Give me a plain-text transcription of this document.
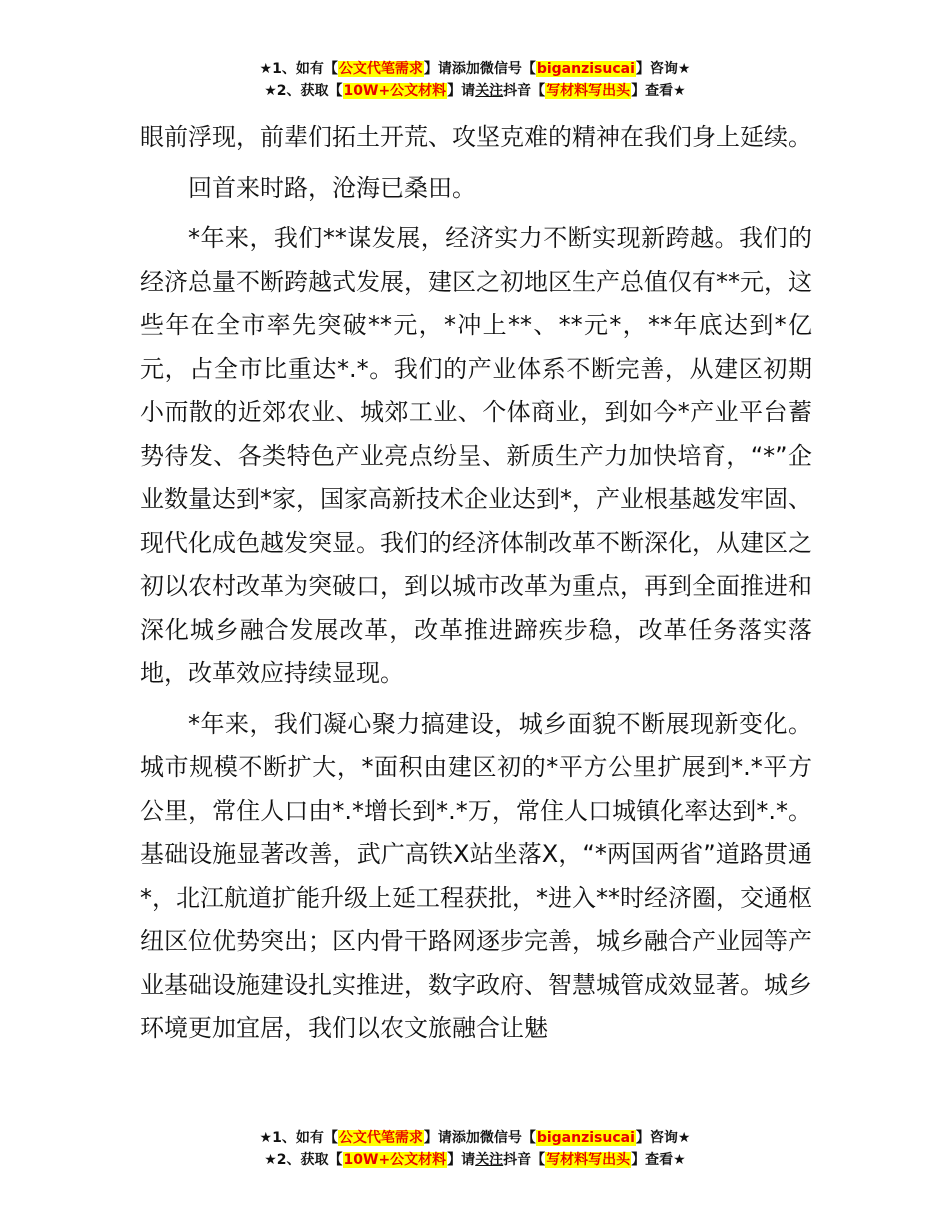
★1、如有【公文代笔需求】请添加微信号【biganzisucai】咨询★
★2、获取【10W+公文材料】请关注抖音【写材料写出头】查看★

眼前浮现，前辈们拓土开荒、攻坚克难的精神在我们身上延续。

回首来时路，沧海已桑田。

*年来，我们**谋发展，经济实力不断实现新跨越。我们的经济总量不断跨越式发展，建区之初地区生产总值仅有**元，这些年在全市率先突破**元，*冲上**、**元*，**年底达到*亿元，占全市比重达*.*。我们的产业体系不断完善，从建区初期小而散的近郊农业、城郊工业、个体商业，到如今*产业平台蓄势待发、各类特色产业亮点纷呈、新质生产力加快培育，“*”企业数量达到*家，国家高新技术企业达到*，产业根基越发牢固、现代化成色越发突显。我们的经济体制改革不断深化，从建区之初以农村改革为突破口，到以城市改革为重点，再到全面推进和深化城乡融合发展改革，改革推进蹄疾步稳，改革任务落实落地，改革效应持续显现。

*年来，我们凝心聚力搞建设，城乡面貌不断展现新变化。城市规模不断扩大，*面积由建区初的*平方公里扩展到*.*平方公里，常住人口由*.*增长到*.*万，常住人口城镇化率达到*.*。基础设施显著改善，武广高铁X站坐落X，“*两国两省”道路贯通*，北江航道扩能升级上延工程获批，*进入**时经济圈，交通枢纽区位优势突出；区内骨干路网逐步完善，城乡融合产业园等产业基础设施建设扎实推进，数字政府、智慧城管成效显著。城乡环境更加宜居，我们以农文旅融合让魅

★1、如有【公文代笔需求】请添加微信号【biganzisucai】咨询★
★2、获取【10W+公文材料】请关注抖音【写材料写出头】查看★
